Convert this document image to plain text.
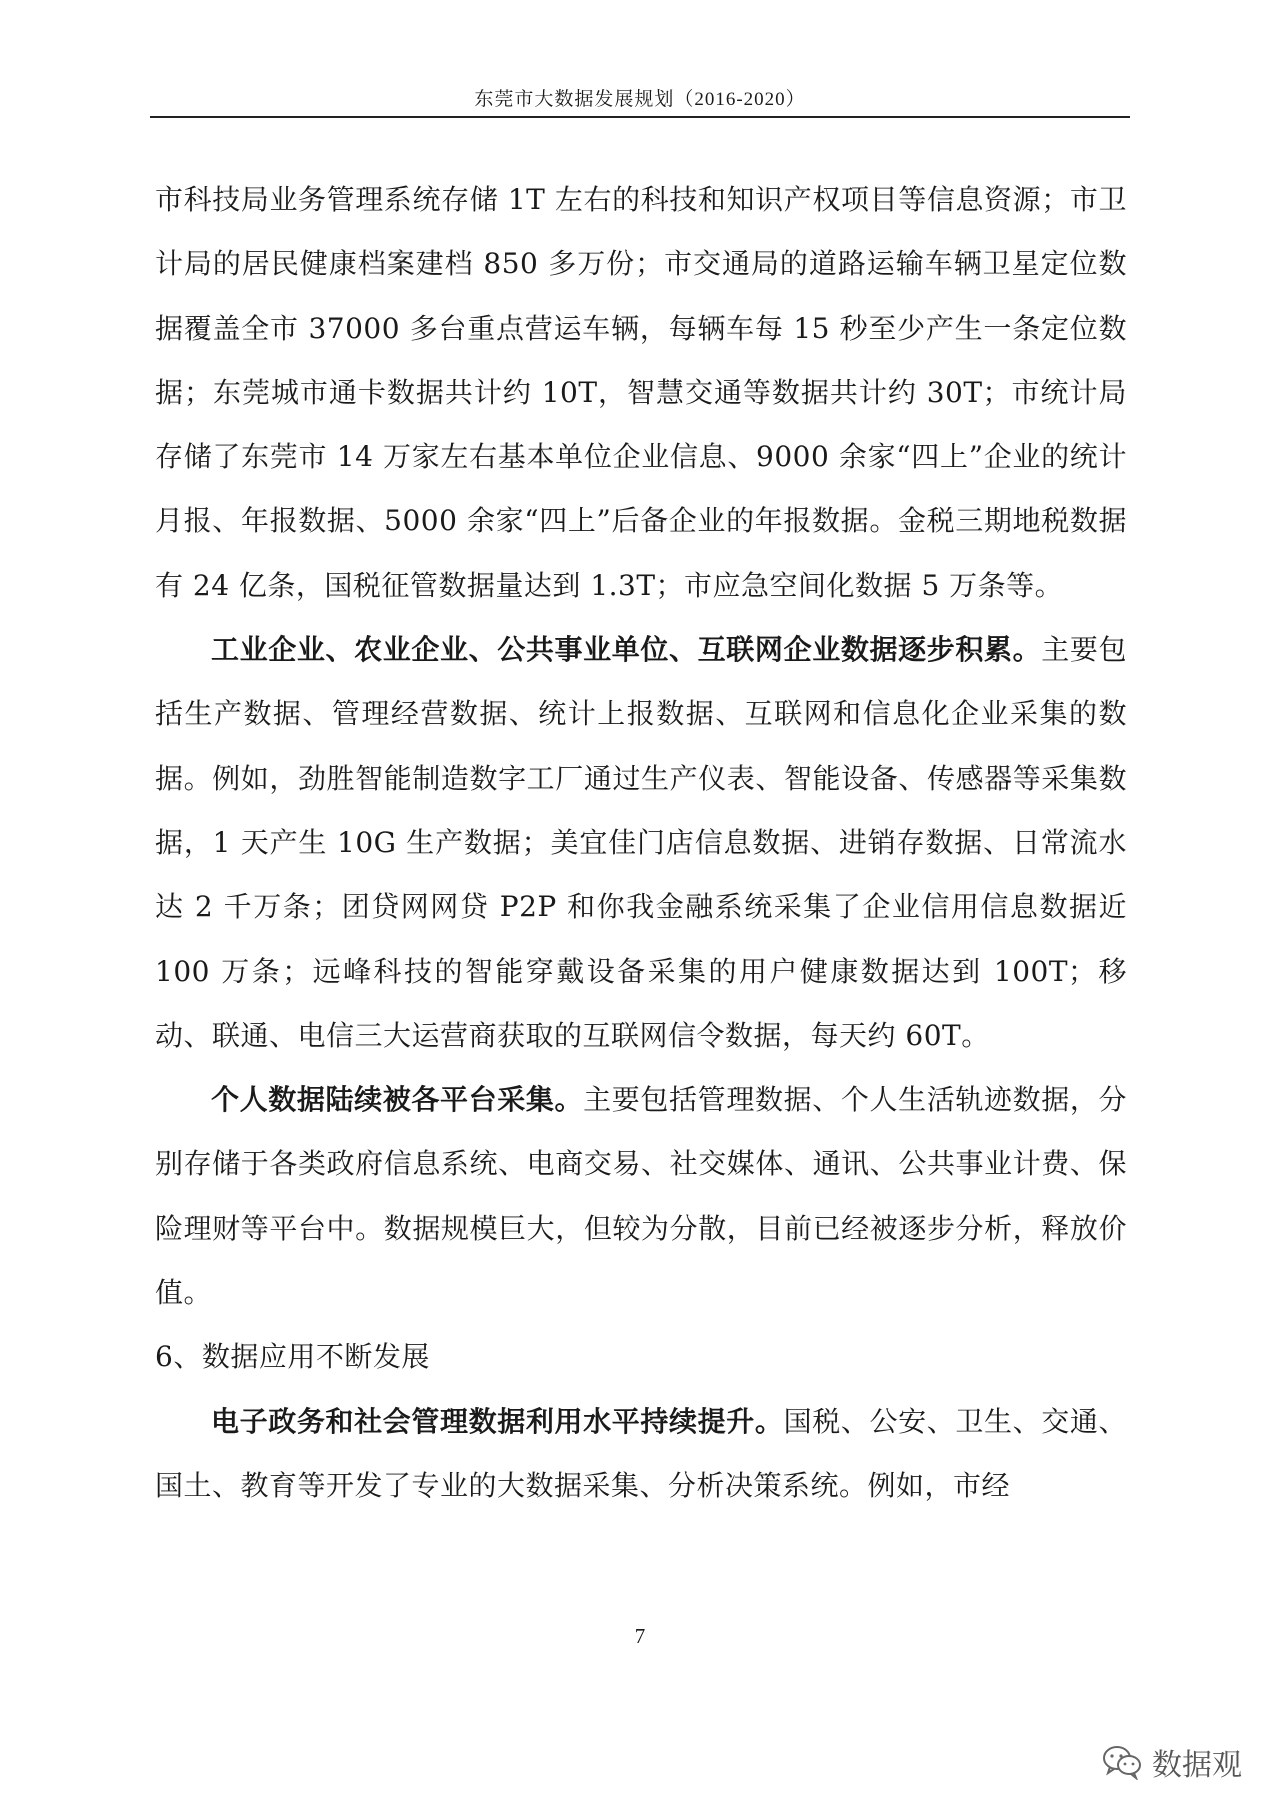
东莞市大数据发展规划（2016-2020）

市科技局业务管理系统存储 1T 左右的科技和知识产权项目等信息资源；市卫计局的居民健康档案建档 850 多万份；市交通局的道路运输车辆卫星定位数据覆盖全市 37000 多台重点营运车辆，每辆车每 15 秒至少产生一条定位数据；东莞城市通卡数据共计约 10T，智慧交通等数据共计约 30T；市统计局存储了东莞市 14 万家左右基本单位企业信息、9000 余家“四上”企业的统计月报、年报数据、5000 余家“四上”后备企业的年报数据。金税三期地税数据有 24 亿条，国税征管数据量达到 1.3T；市应急空间化数据 5 万条等。

工业企业、农业企业、公共事业单位、互联网企业数据逐步积累。主要包括生产数据、管理经营数据、统计上报数据、互联网和信息化企业采集的数据。例如，劲胜智能制造数字工厂通过生产仪表、智能设备、传感器等采集数据，1 天产生 10G 生产数据；美宜佳门店信息数据、进销存数据、日常流水达 2 千万条；团贷网网贷 P2P 和你我金融系统采集了企业信用信息数据近 100 万条；远峰科技的智能穿戴设备采集的用户健康数据达到 100T；移动、联通、电信三大运营商获取的互联网信令数据，每天约 60T。

个人数据陆续被各平台采集。主要包括管理数据、个人生活轨迹数据，分别存储于各类政府信息系统、电商交易、社交媒体、通讯、公共事业计费、保险理财等平台中。数据规模巨大，但较为分散，目前已经被逐步分析，释放价值。

6、数据应用不断发展

电子政务和社会管理数据利用水平持续提升。国税、公安、卫生、交通、国土、教育等开发了专业的大数据采集、分析决策系统。例如，市经

7
数据观
